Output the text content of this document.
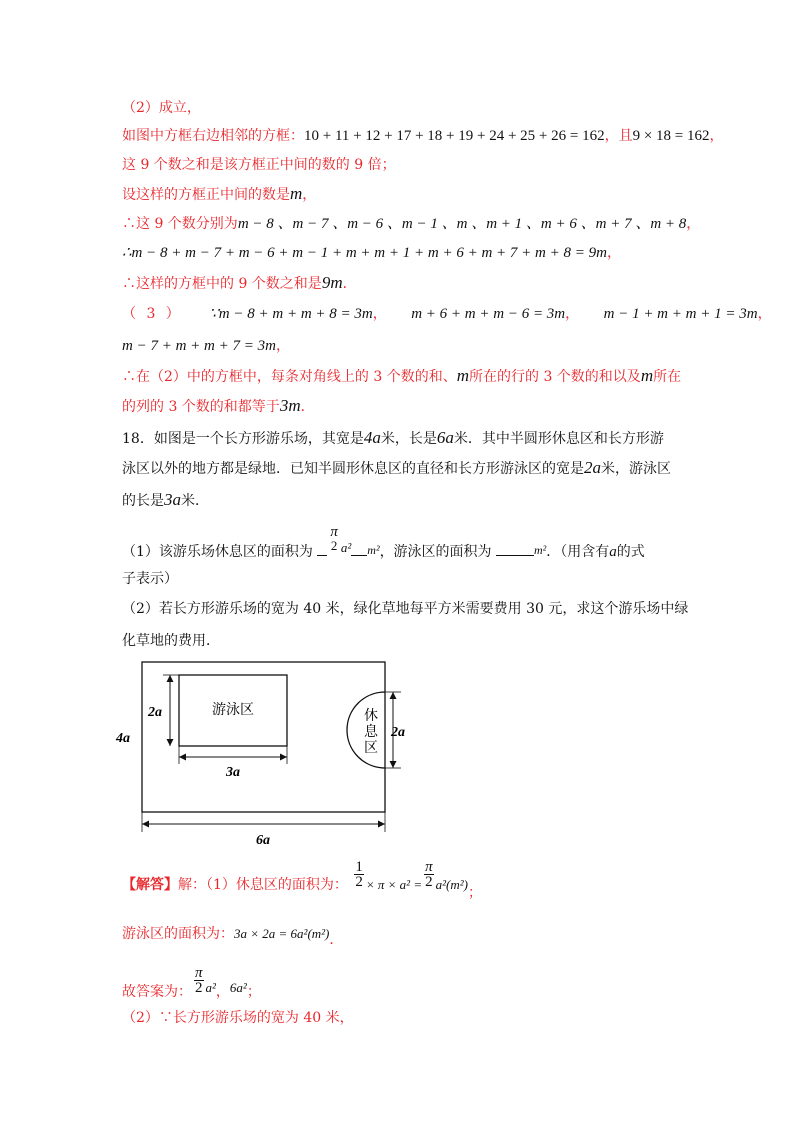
（2）成立，
如图中方框右边相邻的方框：10 + 11 + 12 + 17 + 18 + 19 + 24 + 25 + 26 = 162，且9 × 18 = 162，
这 9 个数之和是该方框正中间的数的 9 倍；
设这样的方框正中间的数是m，
∴这 9 个数分别为m − 8 、m − 7 、m − 6 、m − 1 、m 、m + 1 、m + 6 、m + 7 、m + 8，
∴m − 8 + m − 7 + m − 6 + m − 1 + m + m + 1 + m + 6 + m + 7 + m + 8 = 9m，
∴这样的方框中的 9 个数之和是9m．
（ 3 ） ∵m − 8 + m + m + 8 = 3m， m + 6 + m + m − 6 = 3m， m − 1 + m + m + 1 = 3m，
m − 7 + m + m + 7 = 3m，
∴在（2）中的方框中，每条对角线上的 3 个数的和、m所在的行的 3 个数的和以及m所在
的列的 3 个数的和都等于3m．
18．如图是一个长方形游乐场，其宽是4a米，长是6a米．其中半圆形休息区和长方形游
泳区以外的地方都是绿地．已知半圆形休息区的直径和长方形游泳区的宽是2a米，游泳区
的长是3a米．
（1）该游乐场休息区的面积为
π
2 a² m²，游泳区的面积为	m²．（用含有a的式
子表示）
（2）若长方形游乐场的宽为 40 米，绿化草地每平方米需要费用 30 元，求这个游乐场中绿
化草地的费用．
游泳区	休
息
区
4a
2a
3a
2a
6a
【解答】解：（1）休息区的面积为： $\frac{1}{2} \times \pi \times a^2 = \frac{\pi}{2} a^2(m^2)$；
游泳区的面积为：3a × 2a = 6a²(m²)．
故答案为： $\frac{\pi}{2} a^2$，6a²；
（2）∵长方形游乐场的宽为 40 米，
